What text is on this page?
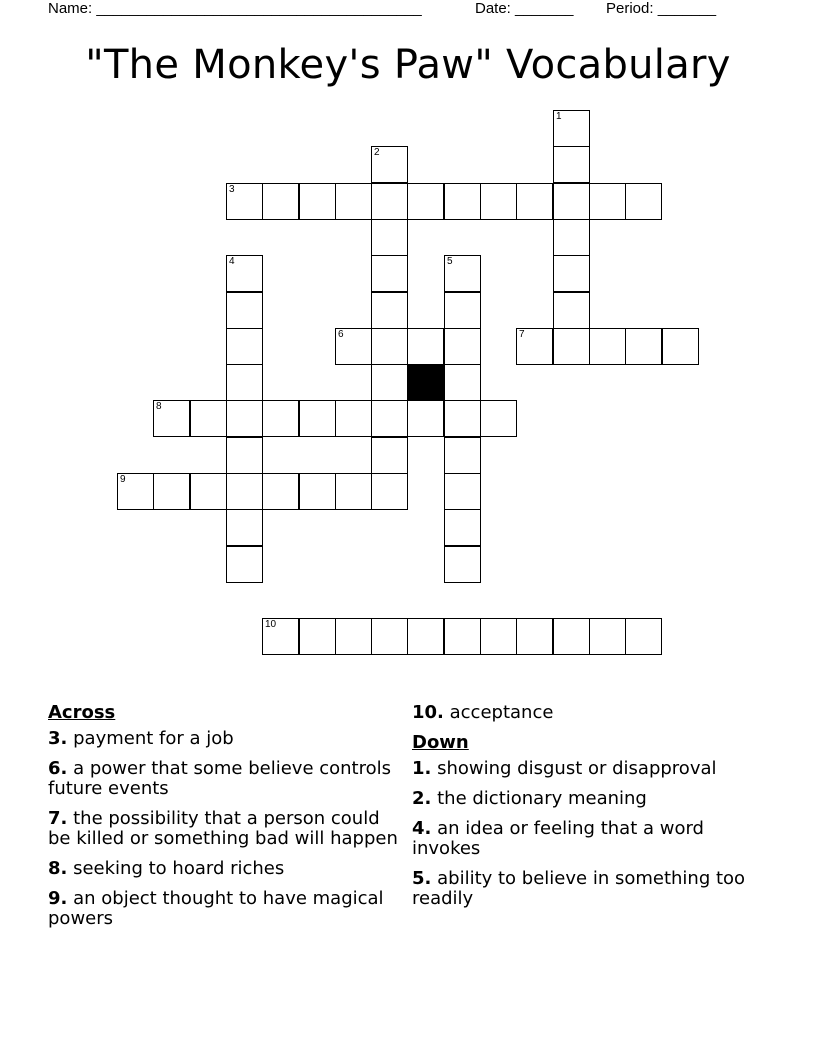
Name: _______________________________________

	Date: _______

Period: _______

"The Monkey's Paw" Vocabulary
1
2
3
4	5
6	7
8
9
10
Across
3. payment for a job
6. a power that some believe controls future events
7. the possibility that a person could be killed or something bad will happen
8. seeking to hoard riches
9. an object thought to have magical powers
10. acceptance
Down
1. showing disgust or disapproval
2. the dictionary meaning
4. an idea or feeling that a word invokes
5. ability to believe in something too readily
